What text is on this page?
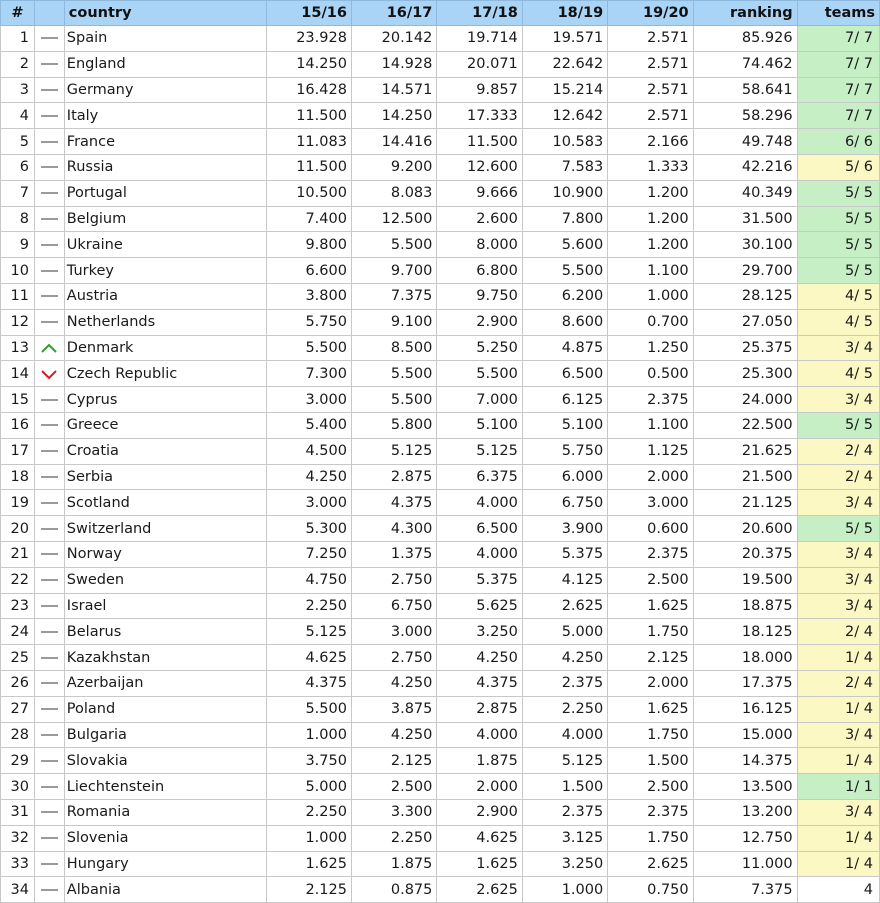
#		country	15/16	16/17	17/18	18/19	19/20	ranking	teams
1		Spain	23.928	20.142	19.714	19.571	2.571	85.926	7/ 7
2		England	14.250	14.928	20.071	22.642	2.571	74.462	7/ 7
3		Germany	16.428	14.571	9.857	15.214	2.571	58.641	7/ 7
4		Italy	11.500	14.250	17.333	12.642	2.571	58.296	7/ 7
5		France	11.083	14.416	11.500	10.583	2.166	49.748	6/ 6
6		Russia	11.500	9.200	12.600	7.583	1.333	42.216	5/ 6
7		Portugal	10.500	8.083	9.666	10.900	1.200	40.349	5/ 5
8		Belgium	7.400	12.500	2.600	7.800	1.200	31.500	5/ 5
9		Ukraine	9.800	5.500	8.000	5.600	1.200	30.100	5/ 5
10		Turkey	6.600	9.700	6.800	5.500	1.100	29.700	5/ 5
11		Austria	3.800	7.375	9.750	6.200	1.000	28.125	4/ 5
12		Netherlands	5.750	9.100	2.900	8.600	0.700	27.050	4/ 5
13		Denmark	5.500	8.500	5.250	4.875	1.250	25.375	3/ 4
14		Czech Republic	7.300	5.500	5.500	6.500	0.500	25.300	4/ 5
15		Cyprus	3.000	5.500	7.000	6.125	2.375	24.000	3/ 4
16		Greece	5.400	5.800	5.100	5.100	1.100	22.500	5/ 5
17		Croatia	4.500	5.125	5.125	5.750	1.125	21.625	2/ 4
18		Serbia	4.250	2.875	6.375	6.000	2.000	21.500	2/ 4
19		Scotland	3.000	4.375	4.000	6.750	3.000	21.125	3/ 4
20		Switzerland	5.300	4.300	6.500	3.900	0.600	20.600	5/ 5
21		Norway	7.250	1.375	4.000	5.375	2.375	20.375	3/ 4
22		Sweden	4.750	2.750	5.375	4.125	2.500	19.500	3/ 4
23		Israel	2.250	6.750	5.625	2.625	1.625	18.875	3/ 4
24		Belarus	5.125	3.000	3.250	5.000	1.750	18.125	2/ 4
25		Kazakhstan	4.625	2.750	4.250	4.250	2.125	18.000	1/ 4
26		Azerbaijan	4.375	4.250	4.375	2.375	2.000	17.375	2/ 4
27		Poland	5.500	3.875	2.875	2.250	1.625	16.125	1/ 4
28		Bulgaria	1.000	4.250	4.000	4.000	1.750	15.000	3/ 4
29		Slovakia	3.750	2.125	1.875	5.125	1.500	14.375	1/ 4
30		Liechtenstein	5.000	2.500	2.000	1.500	2.500	13.500	1/ 1
31		Romania	2.250	3.300	2.900	2.375	2.375	13.200	3/ 4
32		Slovenia	1.000	2.250	4.625	3.125	1.750	12.750	1/ 4
33		Hungary	1.625	1.875	1.625	3.250	2.625	11.000	1/ 4
34		Albania	2.125	0.875	2.625	1.000	0.750	7.375	4
